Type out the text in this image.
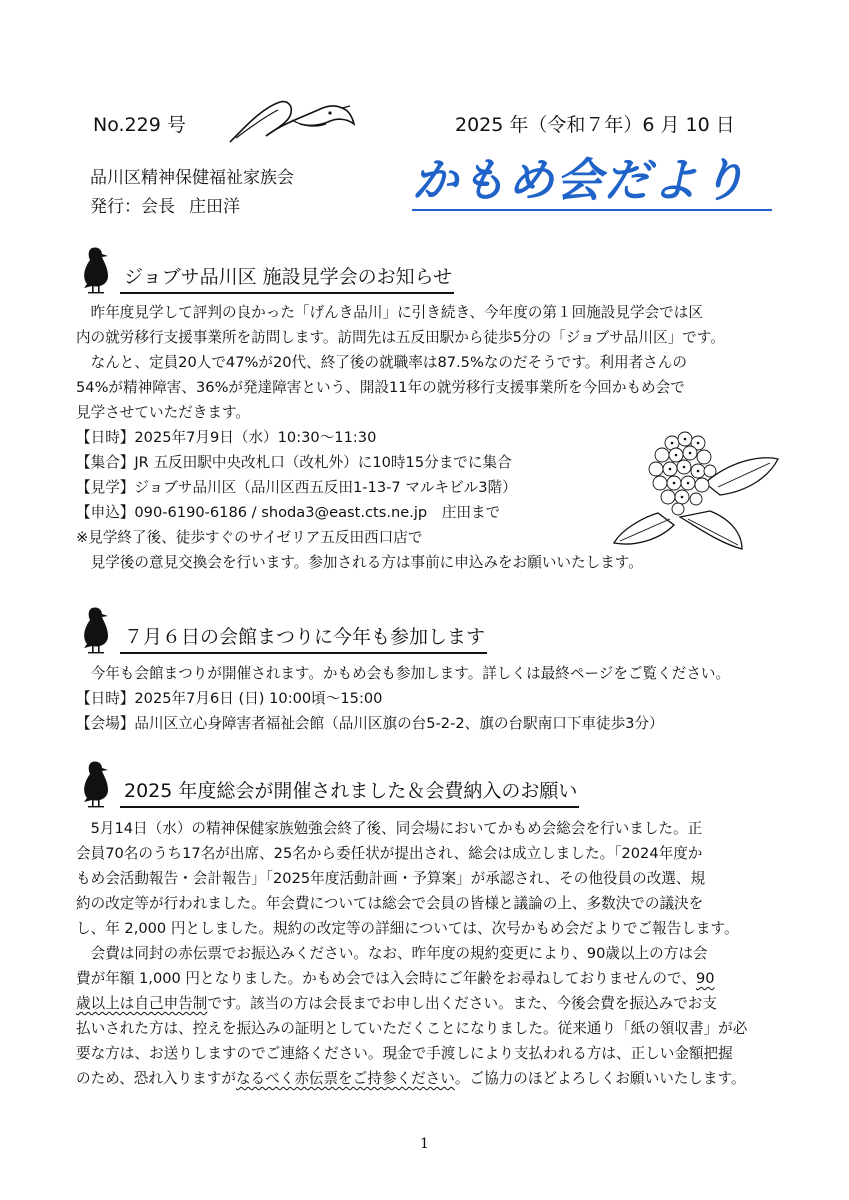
No.229 号	2025 年（令和７年）6 月 10 日
品川区精神保健福祉家族会
発行：会長 庄田洋	かもめ会だより
ジョブサ品川区 施設見学会のお知らせ
　昨年度見学して評判の良かった「げんき品川」に引き続き、今年度の第１回施設見学会では区
内の就労移行支援事業所を訪問します。訪問先は五反田駅から徒歩5分の「ジョブサ品川区」です。
　なんと、定員20人で47%が20代、終了後の就職率は87.5%なのだそうです。利用者さんの
54%が精神障害、36%が発達障害という、開設11年の就労移行支援事業所を今回かもめ会で
見学させていただきます。
【日時】2025年7月9日（水）10:30～11:30
【集合】JR 五反田駅中央改札口（改札外）に10時15分までに集合
【見学】ジョブサ品川区（品川区西五反田1-13-7 マルキビル3階）
【申込】090-6190-6186 / shoda3@east.cts.ne.jp　庄田まで
※見学終了後、徒歩すぐのサイゼリア五反田西口店で
　見学後の意見交換会を行います。参加される方は事前に申込みをお願いいたします。
７月６日の会館まつりに今年も参加します
　今年も会館まつりが開催されます。かもめ会も参加します。詳しくは最終ページをご覧ください。
【日時】2025年7月6日 (日) 10:00頃～15:00
【会場】品川区立心身障害者福祉会館（品川区旗の台5-2-2、旗の台駅南口下車徒歩3分）
2025 年度総会が開催されました＆会費納入のお願い
　5月14日（水）の精神保健家族勉強会終了後、同会場においてかもめ会総会を行いました。正
会員70名のうち17名が出席、25名から委任状が提出され、総会は成立しました。「2024年度か
もめ会活動報告・会計報告」「2025年度活動計画・予算案」が承認され、その他役員の改選、規
約の改定等が行われました。年会費については総会で会員の皆様と議論の上、多数決での議決を
し、年 2,000 円としました。規約の改定等の詳細については、次号かもめ会だよりでご報告します。
　会費は同封の赤伝票でお振込みください。なお、昨年度の規約変更により、90歳以上の方は会
費が年額 1,000 円となりました。かもめ会では入会時にご年齢をお尋ねしておりませんので、90
歳以上は自己申告制です。該当の方は会長までお申し出ください。また、今後会費を振込みでお支
払いされた方は、控えを振込みの証明としていただくことになりました。従来通り「紙の領収書」が必
要な方は、お送りしますのでご連絡ください。現金で手渡しにより支払われる方は、正しい金額把握
のため、恐れ入りますがなるべく赤伝票をご持参ください。ご協力のほどよろしくお願いいたします。
1
